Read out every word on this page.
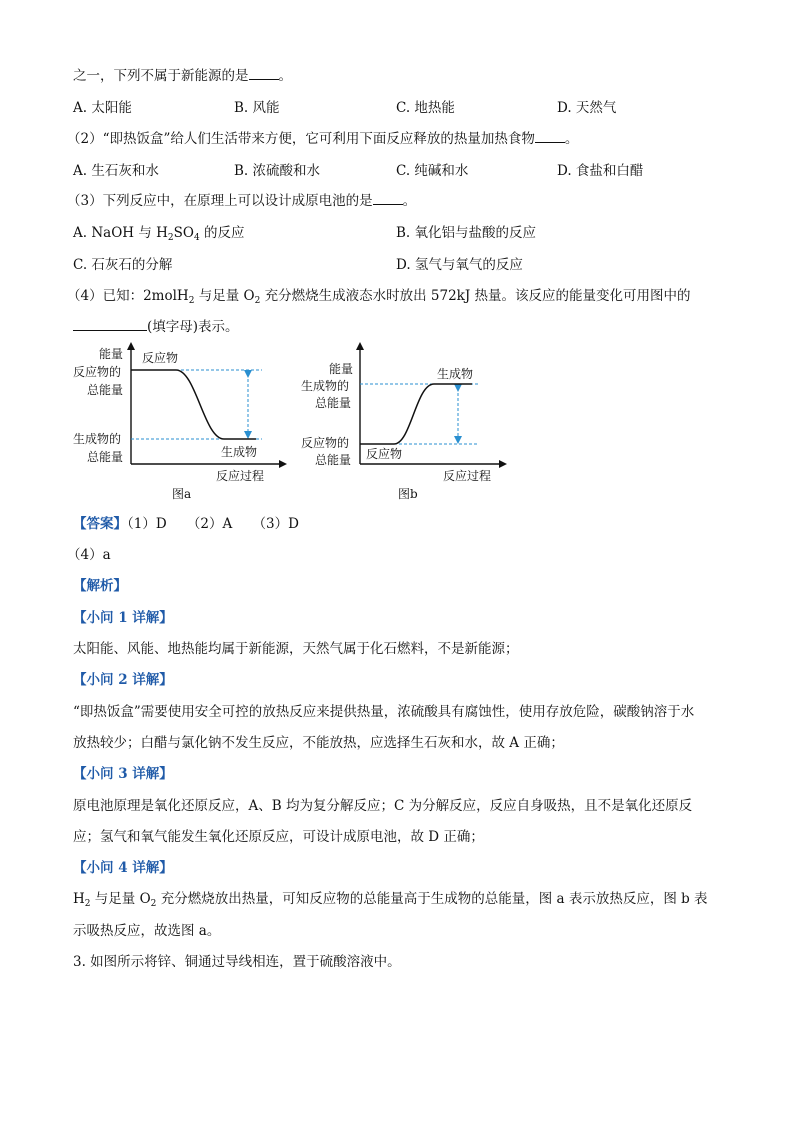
之一，下列不属于新能源的是 。
A. 太阳能	B. 风能	C. 地热能	D. 天然气
（2）“即热饭盒”给人们生活带来方便，它可利用下面反应释放的热量加热食物 。
A. 生石灰和水	B. 浓硫酸和水	C. 纯碱和水	D. 食盐和白醋
（3）下列反应中，在原理上可以设计成原电池的是 。
A. NaOH 与 $H_2SO_4$ 的反应	B. 氧化铝与盐酸的反应
C. 石灰石的分解	D. 氢气与氧气的反应
（4）已知：2molH$_2$ 与足量 $O_2$ 充分燃烧生成液态水时放出 572kJ 热量。该反应的能量变化可用图中的
(填字母)表示。
能量
反应物的
总能量
生成物的
总能量
反应物
生成物
反应过程
图a
能量
生成物的
总能量
反应物的
总能量
生成物
反应物
反应过程
图b
【答案】（1）D　　（2）A　　（3）D
（4）a
【解析】
【小问 1 详解】
太阳能、风能、地热能均属于新能源，天然气属于化石燃料，不是新能源；
【小问 2 详解】
“即热饭盒”需要使用安全可控的放热反应来提供热量，浓硫酸具有腐蚀性，使用存放危险，碳酸钠溶于水
放热较少；白醋与氯化钠不发生反应，不能放热，应选择生石灰和水，故 A 正确；
【小问 3 详解】
原电池原理是氧化还原反应，A、B 均为复分解反应；C 为分解反应，反应自身吸热，且不是氧化还原反
应；氢气和氧气能发生氧化还原反应，可设计成原电池，故 D 正确；
【小问 4 详解】
$H_2$ 与足量 $O_2$ 充分燃烧放出热量，可知反应物的总能量高于生成物的总能量，图 a 表示放热反应，图 b 表
示吸热反应，故选图 a。
3. 如图所示将锌、铜通过导线相连，置于硫酸溶液中。
